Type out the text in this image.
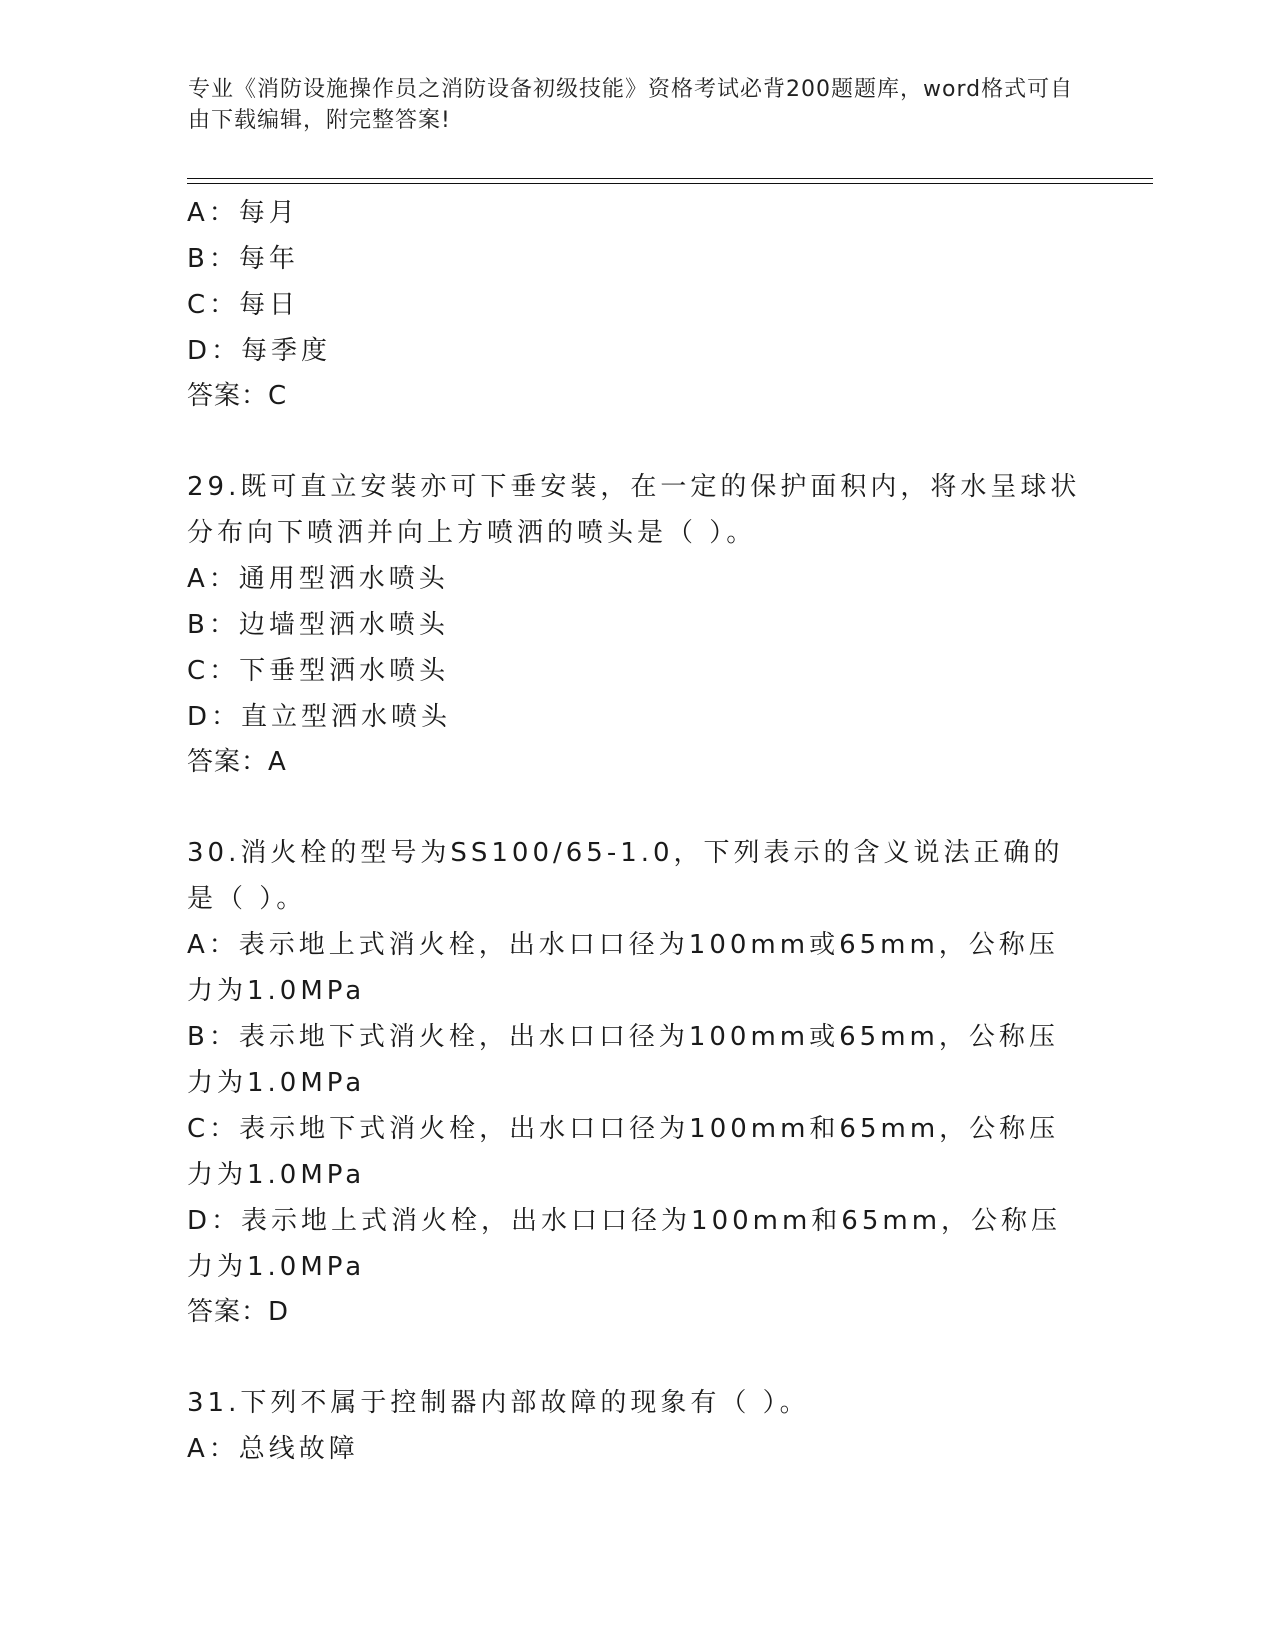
专业《消防设施操作员之消防设备初级技能》资格考试必背200题题库，word格式可自由下载编辑，附完整答案!
A：每月
B：每年
C：每日
D：每季度
答案：C
29.既可直立安装亦可下垂安装，在一定的保护面积内，将水呈球状分布向下喷洒并向上方喷洒的喷头是（ ）。
A：通用型洒水喷头
B：边墙型洒水喷头
C：下垂型洒水喷头
D：直立型洒水喷头
答案：A
30.消火栓的型号为SS100/65-1.0，下列表示的含义说法正确的是（ ）。
A：表示地上式消火栓，出水口口径为100mm或65mm，公称压力为1.0MPa
B：表示地下式消火栓，出水口口径为100mm或65mm，公称压力为1.0MPa
C：表示地下式消火栓，出水口口径为100mm和65mm，公称压力为1.0MPa
D：表示地上式消火栓，出水口口径为100mm和65mm，公称压力为1.0MPa
答案：D
31.下列不属于控制器内部故障的现象有（ ）。
A：总线故障
